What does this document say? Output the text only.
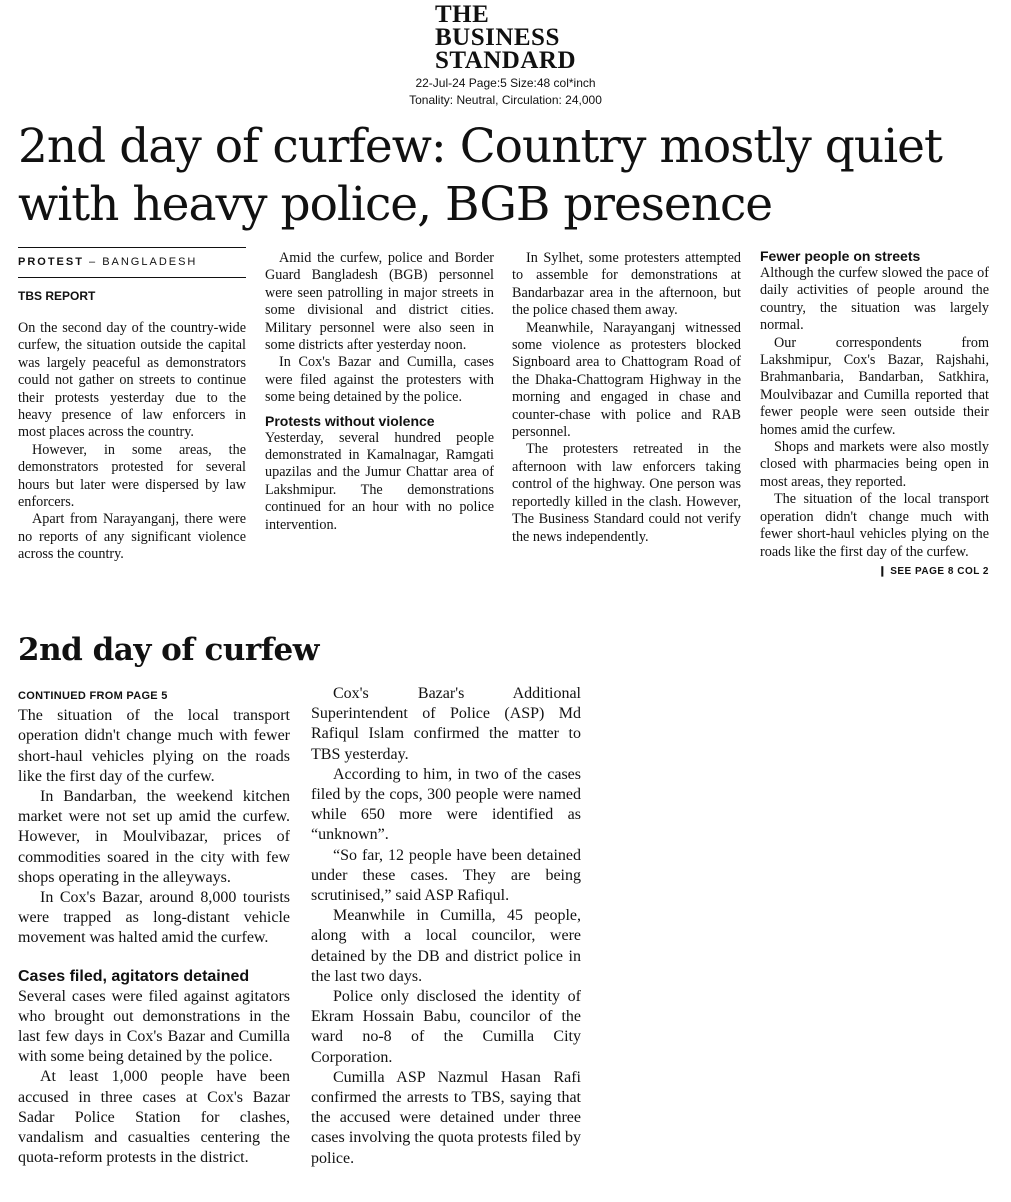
THE
BUSINESS
STANDARD
22-Jul-24 Page:5 Size:48 col*inch
Tonality: Neutral, Circulation: 24,000
2nd day of curfew: Country mostly quiet with heavy police, BGB presence
PROTEST – BANGLADESH
TBS REPORT

On the second day of the country-wide curfew, the situation outside the capital was largely peaceful as demonstrators could not gather on streets to continue their protests yesterday due to the heavy presence of law enforcers in most places across the country.

However, in some areas, the demonstrators protested for several hours but later were dispersed by law enforcers.

Apart from Narayanganj, there were no reports of any significant violence across the country.

Amid the curfew, police and Border Guard Bangladesh (BGB) personnel were seen patrolling in major streets in some divisional and district cities. Military personnel were also seen in some districts after yesterday noon.

In Cox's Bazar and Cumilla, cases were filed against the protesters with some being detained by the police.

Protests without violence

Yesterday, several hundred people demonstrated in Kamalnagar, Ramgati upazilas and the Jumur Chattar area of Lakshmipur. The demonstrations continued for an hour with no police intervention.

In Sylhet, some protesters attempted to assemble for demonstrations at Bandarbazar area in the afternoon, but the police chased them away.

Meanwhile, Narayanganj witnessed some violence as protesters blocked Signboard area to Chattogram Road of the Dhaka-Chattogram Highway in the morning and engaged in chase and counter-chase with police and RAB personnel.

The protesters retreated in the afternoon with law enforcers taking control of the highway. One person was reportedly killed in the clash. However, The Business Standard could not verify the news independently.

Fewer people on streets

Although the curfew slowed the pace of daily activities of people around the country, the situation was largely normal.

Our correspondents from Lakshmipur, Cox's Bazar, Rajshahi, Brahmanbaria, Bandarban, Satkhira, Moulvibazar and Cumilla reported that fewer people were seen outside their homes amid the curfew.

Shops and markets were also mostly closed with pharmacies being open in most areas, they reported.

The situation of the local transport operation didn't change much with fewer short-haul vehicles plying on the roads like the first day of the curfew.
❙ SEE PAGE 8 COL 2

2nd day of curfew
CONTINUED FROM PAGE 5

The situation of the local transport operation didn't change much with fewer short-haul vehicles plying on the roads like the first day of the curfew.

In Bandarban, the weekend kitchen market were not set up amid the curfew. However, in Moulvibazar, prices of commodities soared in the city with few shops operating in the alleyways.

In Cox's Bazar, around 8,000 tourists were trapped as long-distant vehicle movement was halted amid the curfew.

Cases filed, agitators detained

Several cases were filed against agitators who brought out demonstrations in the last few days in Cox's Bazar and Cumilla with some being detained by the police.

At least 1,000 people have been accused in three cases at Cox's Bazar Sadar Police Station for clashes, vandalism and casualties centering the quota-reform protests in the district.

Cox's Bazar's Additional Superintendent of Police (ASP) Md Rafiqul Islam confirmed the matter to TBS yesterday.

According to him, in two of the cases filed by the cops, 300 people were named while 650 more were identified as “unknown”.

“So far, 12 people have been detained under these cases. They are being scrutinised,” said ASP Rafiqul.

Meanwhile in Cumilla, 45 people, along with a local councilor, were detained by the DB and district police in the last two days.

Police only disclosed the identity of Ekram Hossain Babu, councilor of the ward no-8 of the Cumilla City Corporation.

Cumilla ASP Nazmul Hasan Rafi confirmed the arrests to TBS, saying that the accused were detained under three cases involving the quota protests filed by police.
